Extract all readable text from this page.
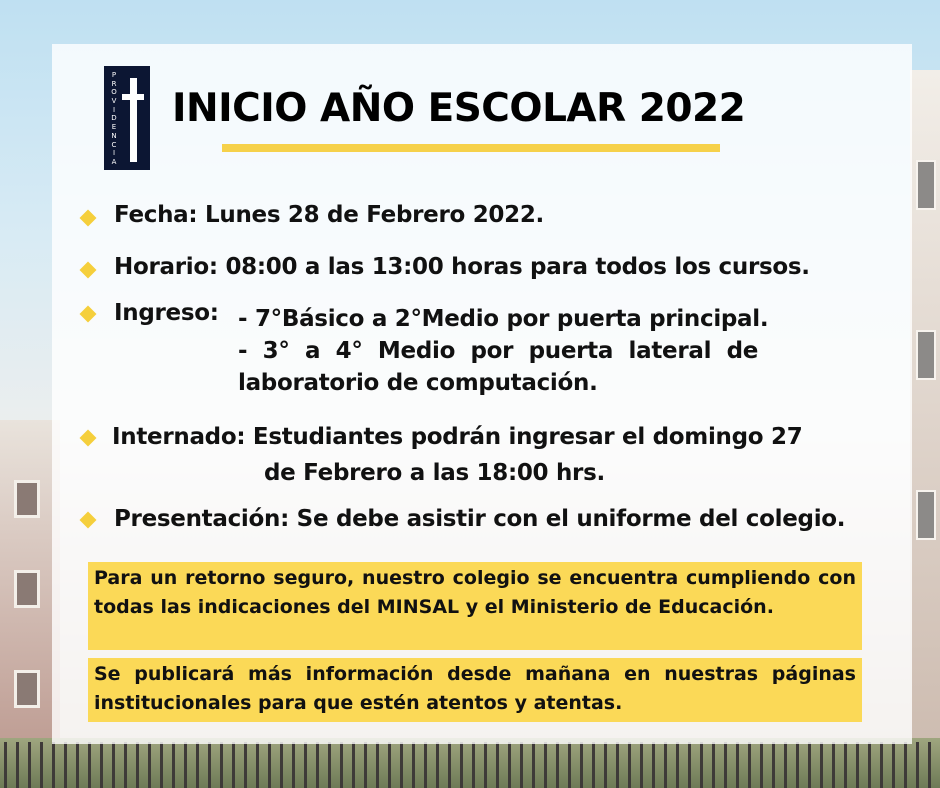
P
R
O
V
I
D
E
N
C
I
A
INICIO AÑO ESCOLAR 2022
Fecha: Lunes 28 de Febrero 2022.
Horario: 08:00 a las 13:00 horas para todos los cursos.
Ingreso: - 7°Básico a 2°Medio por puerta principal.
-  3°  a  4°  Medio  por  puerta  lateral  de
laboratorio de computación.
Internado: Estudiantes podrán ingresar el domingo 27
de Febrero a las 18:00 hrs.
Presentación: Se debe asistir con el uniforme del colegio.
Para un retorno seguro, nuestro colegio se encuentra cumpliendo con todas las indicaciones del MINSAL y el Ministerio de Educación.
Se publicará más información desde mañana en nuestras páginas institucionales para que estén atentos y atentas.
